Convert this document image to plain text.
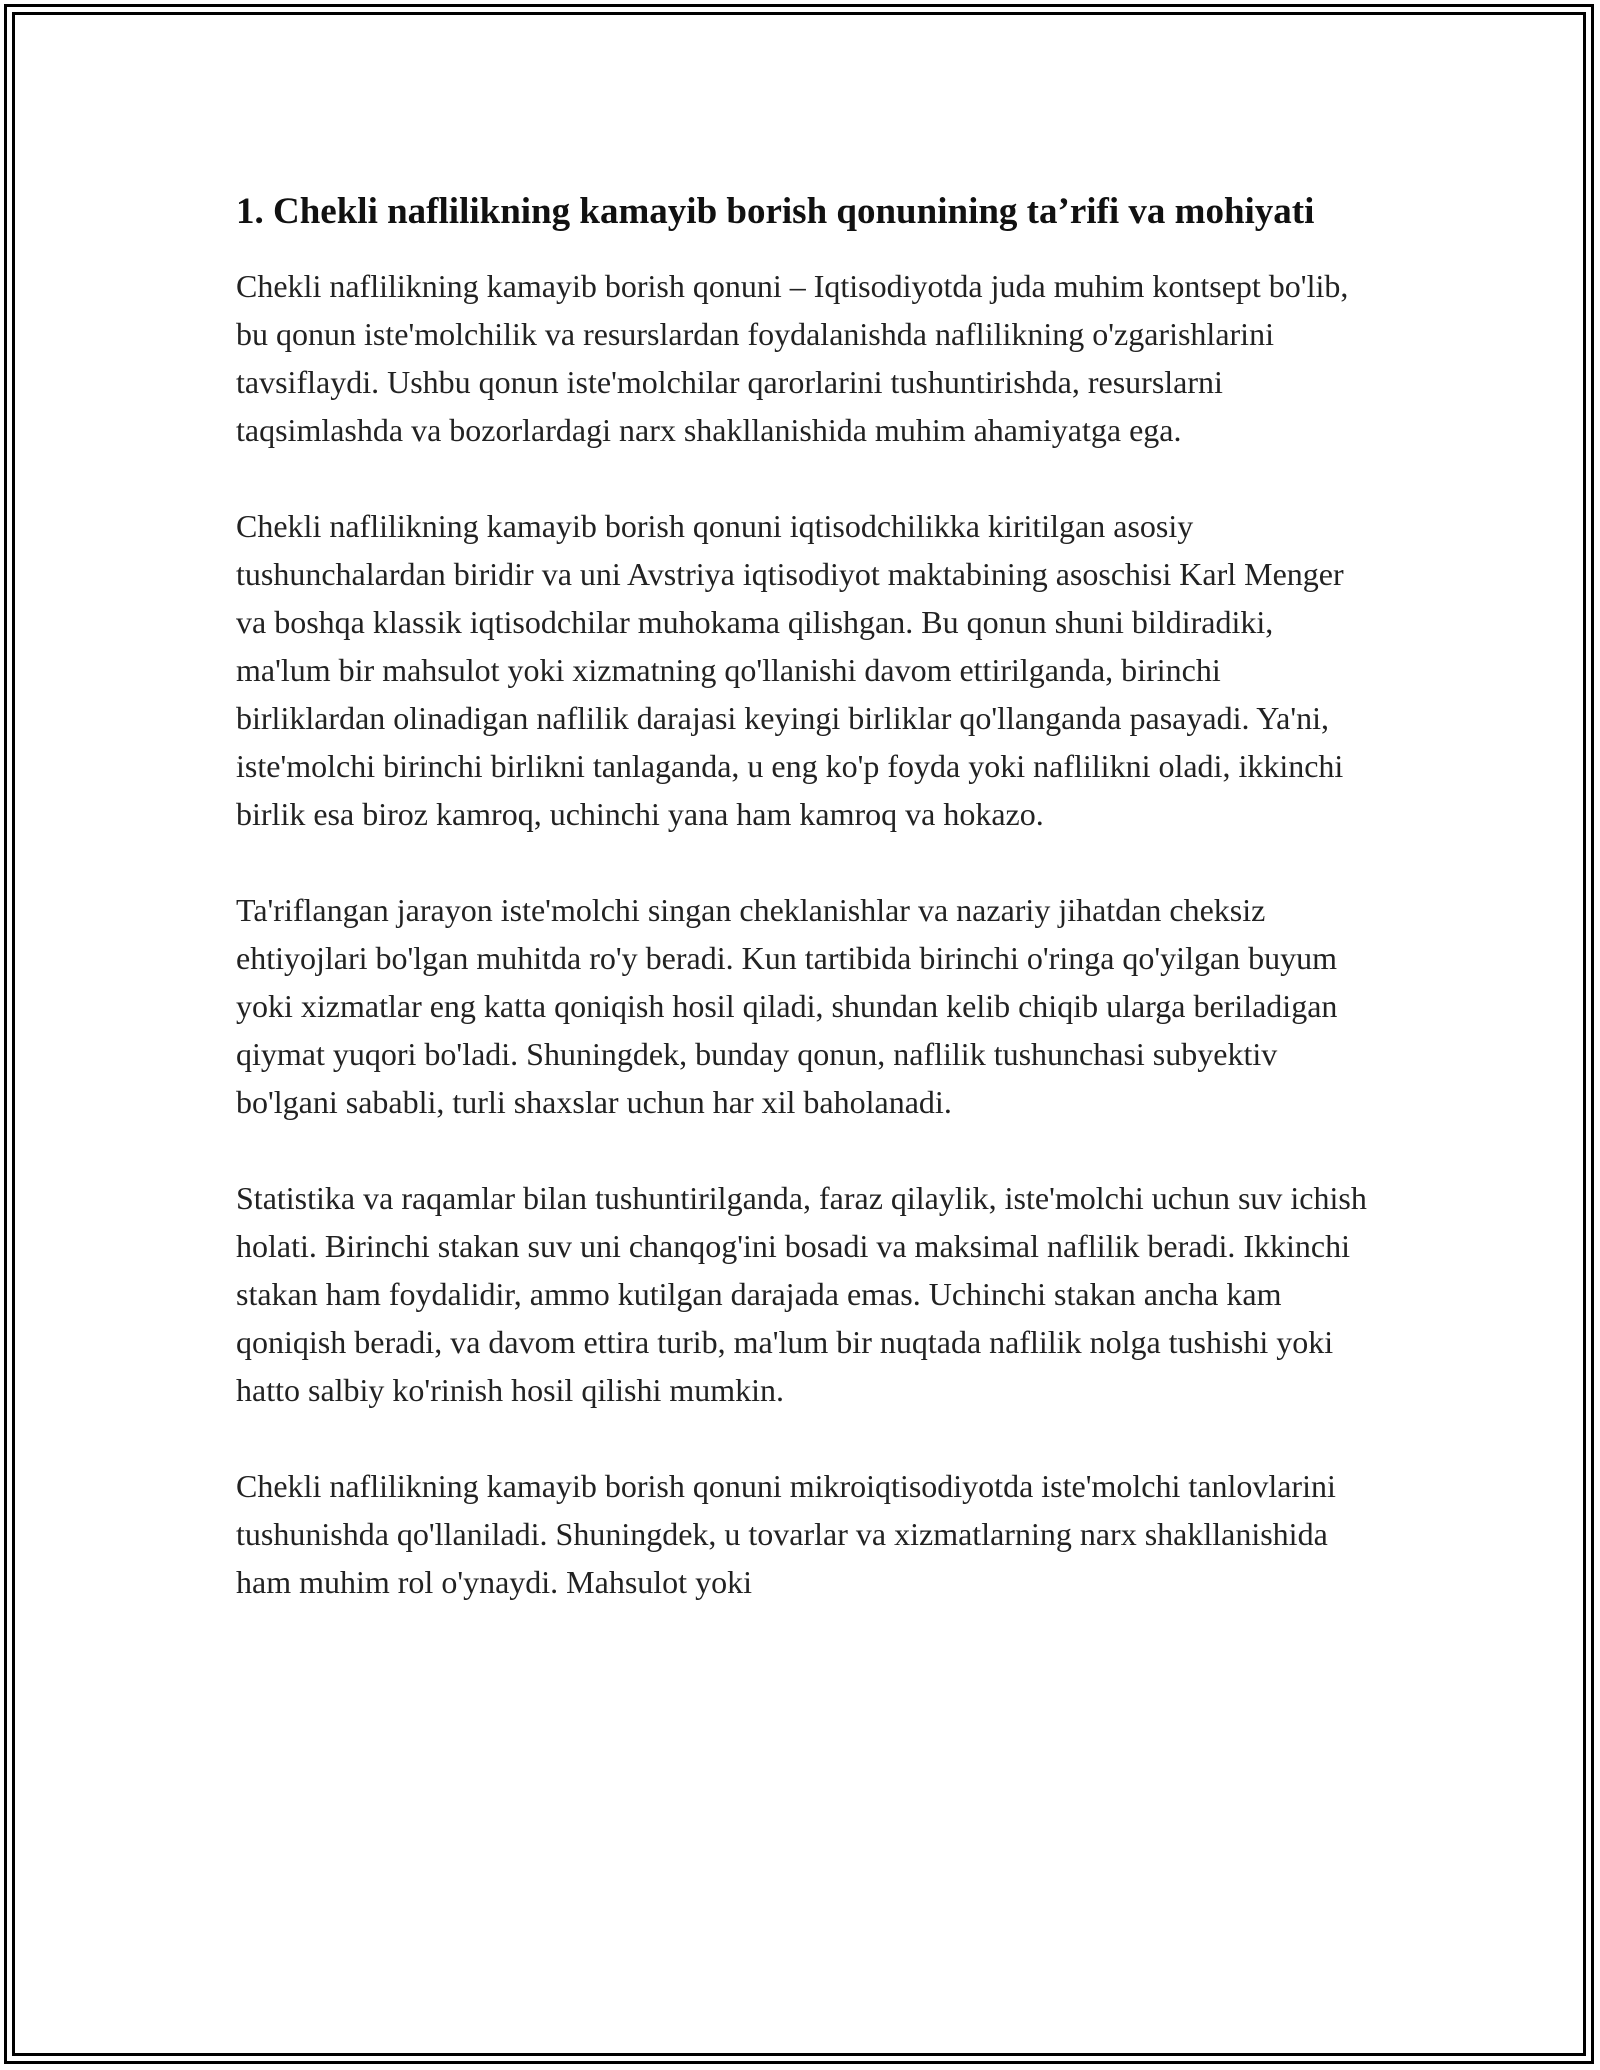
1. Chekli naflilikning kamayib borish qonunining ta’rifi va mohiyati

Chekli naflilikning kamayib borish qonuni – Iqtisodiyotda juda muhim kontsept bo'lib, bu qonun iste'molchilik va resurslardan foydalanishda naflilikning o'zgarishlarini tavsiflaydi. Ushbu qonun iste'molchilar qarorlarini tushuntirishda, resurslarni taqsimlashda va bozorlardagi narx shakllanishida muhim ahamiyatga ega.

Chekli naflilikning kamayib borish qonuni iqtisodchilikka kiritilgan asosiy tushunchalardan biridir va uni Avstriya iqtisodiyot maktabining asoschisi Karl Menger va boshqa klassik iqtisodchilar muhokama qilishgan. Bu qonun shuni bildiradiki, ma'lum bir mahsulot yoki xizmatning qo'llanishi davom ettirilganda, birinchi birliklardan olinadigan naflilik darajasi keyingi birliklar qo'llanganda pasayadi. Ya'ni, iste'molchi birinchi birlikni tanlaganda, u eng ko'p foyda yoki naflilikni oladi, ikkinchi birlik esa biroz kamroq, uchinchi yana ham kamroq va hokazo.

Ta'riflangan jarayon iste'molchi singan cheklanishlar va nazariy jihatdan cheksiz ehtiyojlari bo'lgan muhitda ro'y beradi. Kun tartibida birinchi o'ringa qo'yilgan buyum yoki xizmatlar eng katta qoniqish hosil qiladi, shundan kelib chiqib ularga beriladigan qiymat yuqori bo'ladi. Shuningdek, bunday qonun, naflilik tushunchasi subyektiv bo'lgani sababli, turli shaxslar uchun har xil baholanadi.

Statistika va raqamlar bilan tushuntirilganda, faraz qilaylik, iste'molchi uchun suv ichish holati. Birinchi stakan suv uni chanqog'ini bosadi va maksimal naflilik beradi. Ikkinchi stakan ham foydalidir, ammo kutilgan darajada emas. Uchinchi stakan ancha kam qoniqish beradi, va davom ettira turib, ma'lum bir nuqtada naflilik nolga tushishi yoki hatto salbiy ko'rinish hosil qilishi mumkin.

Chekli naflilikning kamayib borish qonuni mikroiqtisodiyotda iste'molchi tanlovlarini tushunishda qo'llaniladi. Shuningdek, u tovarlar va xizmatlarning narx shakllanishida ham muhim rol o'ynaydi. Mahsulot yoki
